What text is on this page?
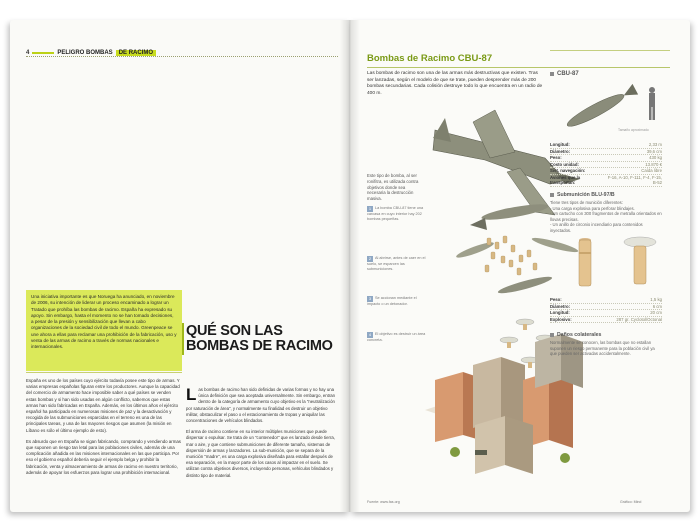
4	PELIGRO BOMBAS	DE RACIMO
Una iniciativa importante es que Noruega ha anunciado, en noviembre de 2006, su intención de liderar un proceso encaminado a lograr un Tratado que prohíba las bombas de racimo. España ha expresado su apoyo. Sin embargo, hasta el momento no se han tomado decisiones, a pesar de la presión y sensibilización que llevan a cabo organizaciones de la sociedad civil de todo el mundo. Greenpeace se une ahora a ellas para reclamar una prohibición de la fabricación, uso y venta de las armas de racimo a través de normas nacionales e internacionales.

España es uno de los países cuyo ejército todavía posee este tipo de armas. Y varias empresas españolas figuran entre los productores. Aunque la capacidad del comercio de armamento hace imposible saber a qué países se venden estas bombas y si han sido usadas en algún conflicto, sabemos que estas armas han sido fabricadas en España. Además, en los últimos años el ejército español ha participado en numerosas misiones de paz y la desactivación y recogida de las submuniciones esparcidas en el terreno es una de las principales tareas, y una de las mayores riesgos que asumen (la misión en Líbano es sólo el último ejemplo de esto).

Es absurdo que en España se sigan fabricando, comprando y vendiendo armas que suponen un riesgo tan letal para las poblaciones civiles, además de una complicación añadida en las misiones internacionales en las que participa. Por eso el gobierno español debería seguir el ejemplo belga y prohibir la fabricación, venta y almacenamiento de armas de racimo en nuestro territorio, además de apoyar los esfuerzos para lograr una prohibición internacional.

QUÉ SON LAS BOMBAS DE RACIMO

Las bombas de racimo han sido definidas de varias formas y no hay una única definición que sea aceptada universalmente. Sin embargo, entran dentro de la categoría de armamento cuyo objetivo es la "neutralización por saturación de área", y normalmente su finalidad es destruir un objetivo militar, obstaculizar el paso o el estacionamiento de tropas y aniquilar las concentraciones de vehículos blindados.

El arma de racimo contiene en su interior múltiples municiones que puede dispersar o expulsar. Se trata de un "contenedor" que es lanzado desde tierra, mar o aire, y que contiene submuniciones de diferente tamaño, sistemas de dispersión de armas y lanzadores. La sub-munición, que se separa de la munición "madre", es una carga explosiva diseñada para estallar después de esa separación, en la mayor parte de los casos al impactar en el suelo. Se utilizan contra objetivos diversos, incluyendo personas, vehículos blindados y distinto tipo de material.

Bombas de Racimo CBU-87
Las bombas de racimo son una de las armas más destructivas que existen. Tras ser lanzadas, según el modelo de que se trate, pueden desprender más de 200 bombas secundarias. Cada colisión destruye todo lo que encuentra en un radio de 400 m.
Este tipo de bomba, al ser ronifitra, es utilizada contra objetivos donde sea necesaria la destrucción masiva.
1 La bomba CBU-87 tiene una carcasa en cuyo interior hay 202 bombas pequeñas.
2 Al abrirse, antes de caer en el suelo, se esparcen las submuniciones.
3 Se accionan mediante el impacto o un detonador.
4 El objetivo es destruir un área concreta.
CBU-87
Tamaño aproximado
Longitud:	2,33 m
Diámetro:	39,6 cm
Peso:	430 kg
Costo unidad:	13.870 €
Sist. navegación:	Caída libre
Aviones que la transportan:
F-16, A-10, F-111, F-4, F-15, B-52
Submunición BLU-97/B
Tiene tres tipos de munición diferentes:
- Una carga explosiva para perforar blindajes.
- Un cartucho con 300 fragmentos de metralla orientados en llovas precisas.
- Un anillo de circonio incendiario para contenidos inyectados.
Peso:	1,5 kg
Diámetro:	6 cm
Longitud:	20 cm
Explosivo:	287 gr. Cyclotol/Octonal
Daños colaterales
Normalmente se conocen, las bombas que no estallan suponen un riesgo permanente para la población civil ya que pueden ser activadas accidentalmente.
Fuente: www.fas.org	Gráfico: Mind
